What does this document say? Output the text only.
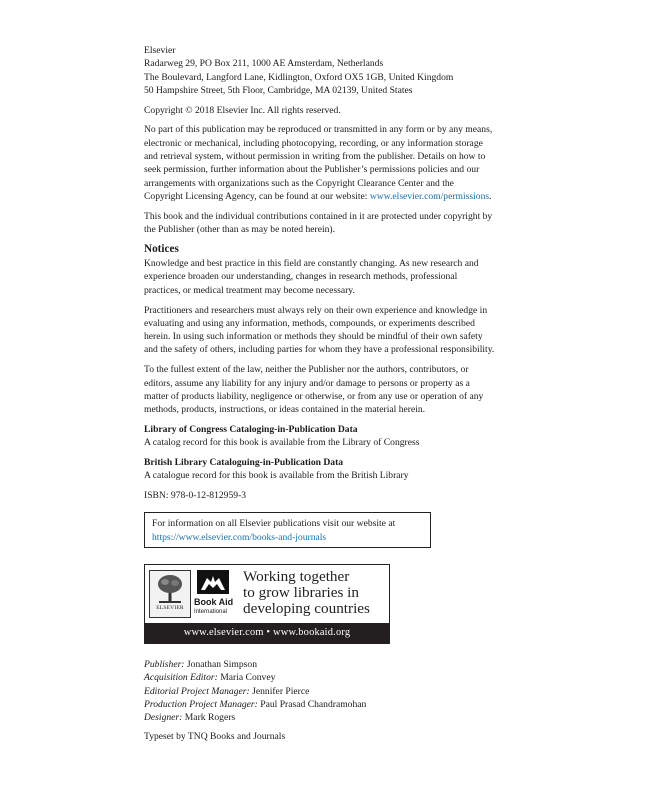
Elsevier
Radarweg 29, PO Box 211, 1000 AE Amsterdam, Netherlands
The Boulevard, Langford Lane, Kidlington, Oxford OX5 1GB, United Kingdom
50 Hampshire Street, 5th Floor, Cambridge, MA 02139, United States
Copyright © 2018 Elsevier Inc. All rights reserved.
No part of this publication may be reproduced or transmitted in any form or by any means,
electronic or mechanical, including photocopying, recording, or any information storage
and retrieval system, without permission in writing from the publisher. Details on how to
seek permission, further information about the Publisher’s permissions policies and our
arrangements with organizations such as the Copyright Clearance Center and the
Copyright Licensing Agency, can be found at our website: www.elsevier.com/permissions.
This book and the individual contributions contained in it are protected under copyright by
the Publisher (other than as may be noted herein).
Notices
Knowledge and best practice in this field are constantly changing. As new research and
experience broaden our understanding, changes in research methods, professional
practices, or medical treatment may become necessary.
Practitioners and researchers must always rely on their own experience and knowledge in
evaluating and using any information, methods, compounds, or experiments described
herein. In using such information or methods they should be mindful of their own safety
and the safety of others, including parties for whom they have a professional responsibility.
To the fullest extent of the law, neither the Publisher nor the authors, contributors, or
editors, assume any liability for any injury and/or damage to persons or property as a
matter of products liability, negligence or otherwise, or from any use or operation of any
methods, products, instructions, or ideas contained in the material herein.
Library of Congress Cataloging-in-Publication Data
A catalog record for this book is available from the Library of Congress
British Library Cataloguing-in-Publication Data
A catalogue record for this book is available from the British Library
ISBN: 978-0-12-812959-3
For information on all Elsevier publications visit our website at
https://www.elsevier.com/books-and-journals
ELSEVIER
Book Aid
International
Working together
to grow libraries in
developing countries
www.elsevier.com • www.bookaid.org
Publisher: Jonathan Simpson
Acquisition Editor: Maria Convey
Editorial Project Manager: Jennifer Pierce
Production Project Manager: Paul Prasad Chandramohan
Designer: Mark Rogers
Typeset by TNQ Books and Journals
